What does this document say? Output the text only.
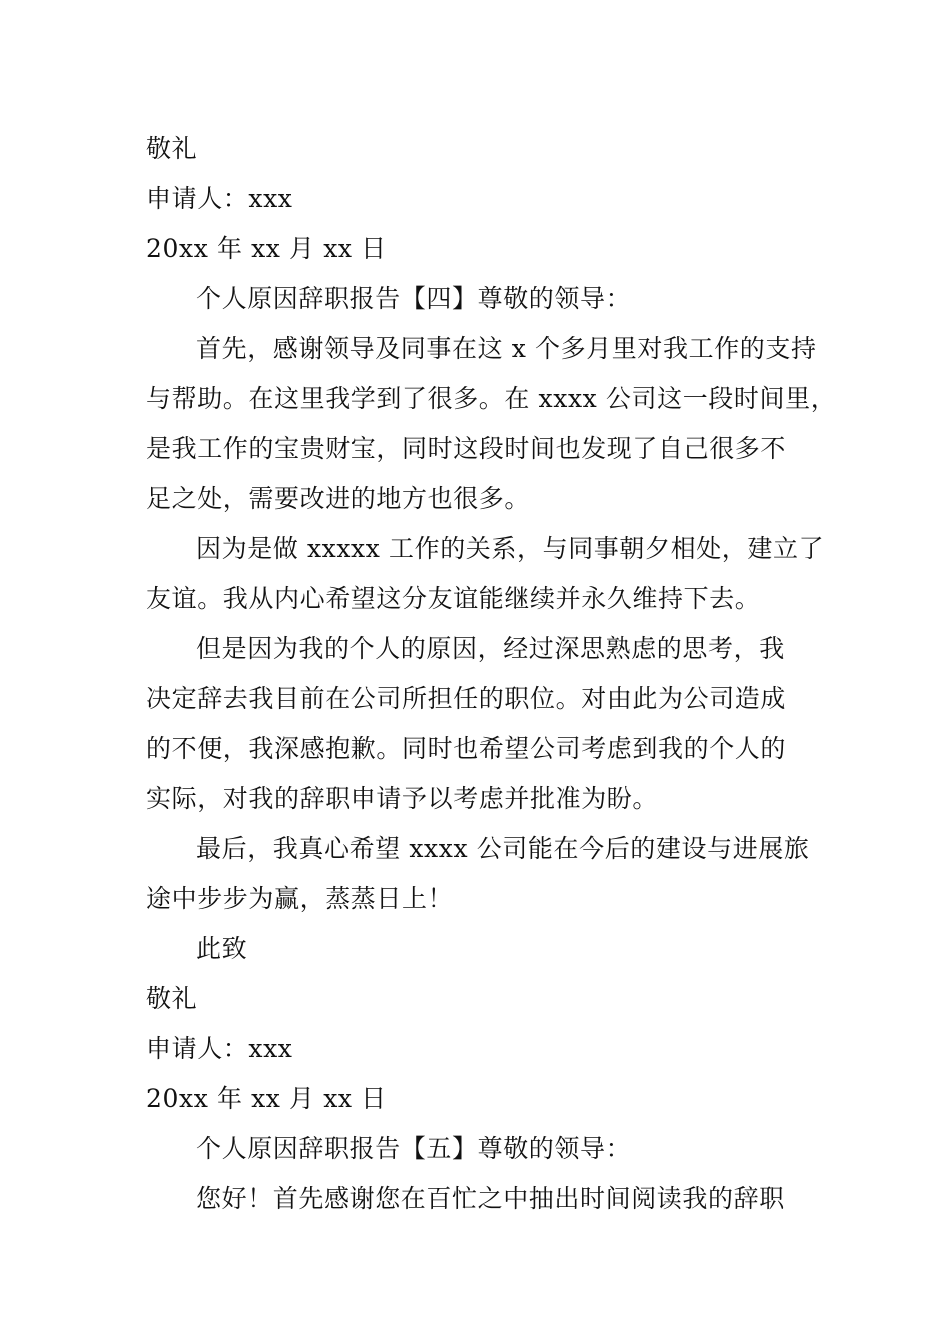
敬礼
申请人：xxx
20xx 年 xx 月 xx 日
个人原因辞职报告【四】尊敬的领导：
首先，感谢领导及同事在这 x 个多月里对我工作的支持
与帮助。在这里我学到了很多。在 xxxx 公司这一段时间里，
是我工作的宝贵财宝，同时这段时间也发现了自己很多不
足之处，需要改进的地方也很多。
因为是做 xxxxx 工作的关系，与同事朝夕相处，建立了
友谊。我从内心希望这分友谊能继续并永久维持下去。
但是因为我的个人的原因，经过深思熟虑的思考，我
决定辞去我目前在公司所担任的职位。对由此为公司造成
的不便，我深感抱歉。同时也希望公司考虑到我的个人的
实际，对我的辞职申请予以考虑并批准为盼。
最后，我真心希望 xxxx 公司能在今后的建设与进展旅
途中步步为赢，蒸蒸日上！
此致
敬礼
申请人：xxx
20xx 年 xx 月 xx 日
个人原因辞职报告【五】尊敬的领导：
您好！首先感谢您在百忙之中抽出时间阅读我的辞职
